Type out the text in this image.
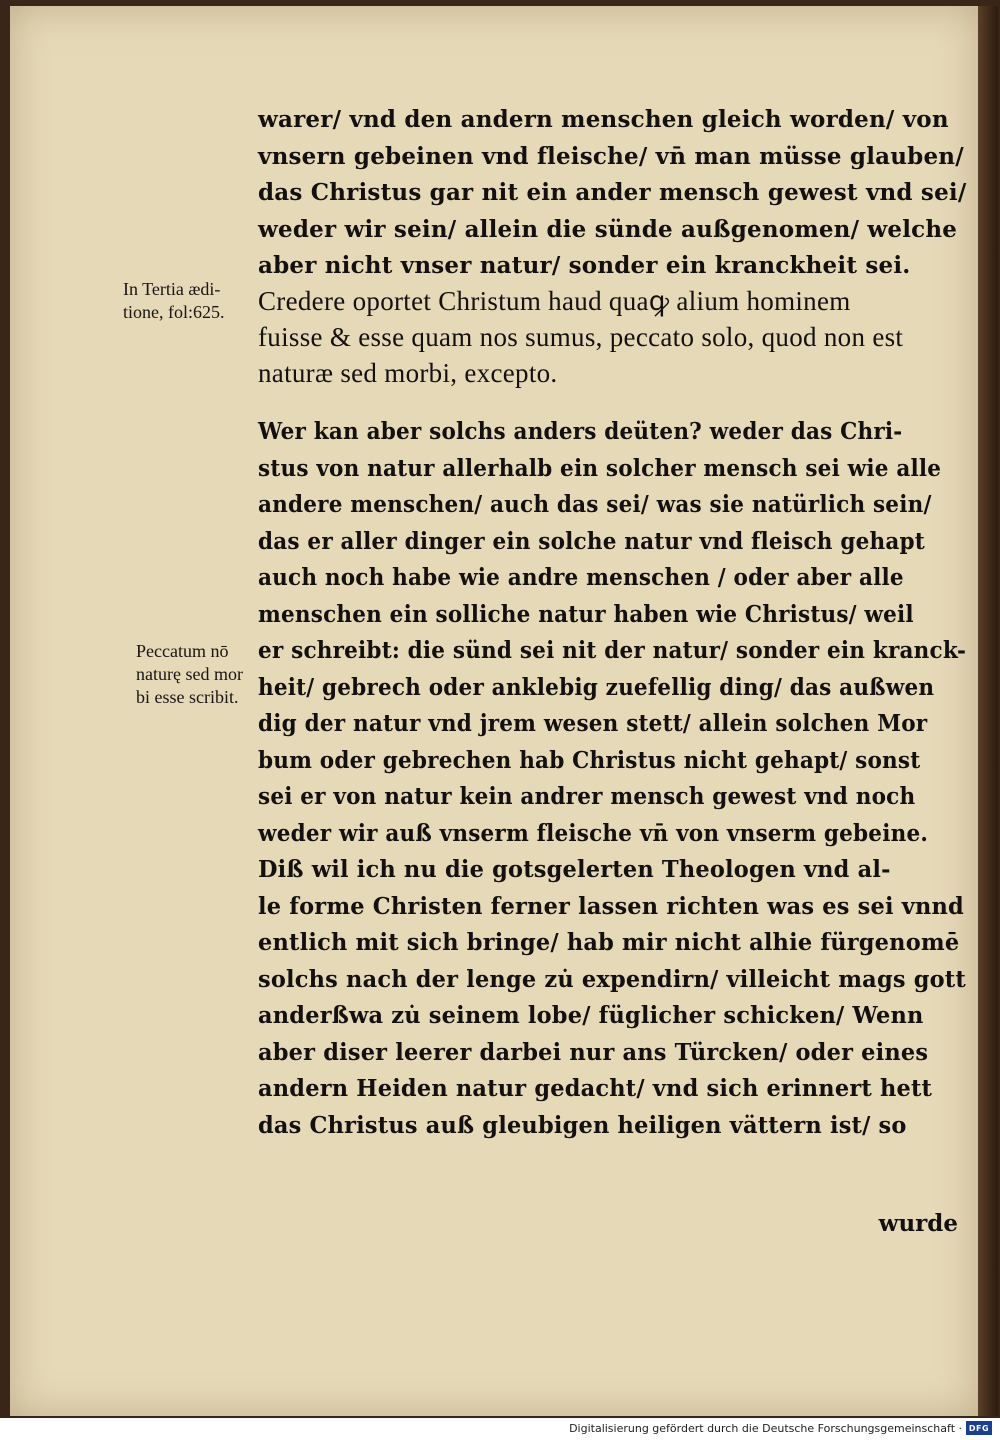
In Tertia ædi-
tione, fol:625.
Peccatum nō
naturę sed mor
bi esse scribit.
warer/ vnd den andern menschen gleich worden/ von
vnsern gebeinen vnd fleische/ vn̄ man müsse glauben/
das Christus gar nit ein ander mensch gewest vnd sei/
weder wir sein/ allein die sünde außgenomen/ welche
aber nicht vnser natur/ sonder ein kranckheit sei.
Credere oportet Christum haud quaꝙ alium hominem
fuisse & esse quam nos sumus, peccato solo, quod non est
naturæ sed morbi, excepto.
Wer kan aber solchs anders deüten? weder das Chri-
stus von natur allerhalb ein solcher mensch sei wie alle
andere menschen/ auch das sei/ was sie natürlich sein/
das er aller dinger ein solche natur vnd fleisch gehapt
auch noch habe wie andre menschen / oder aber alle
menschen ein solliche natur haben wie Christus/ weil
er schreibt: die sünd sei nit der natur/ sonder ein kranck-
heit/ gebrech oder anklebig zuefellig ding/ das außwen
dig der natur vnd jrem wesen stett/ allein solchen Mor
bum oder gebrechen hab Christus nicht gehapt/ sonst
sei er von natur kein andrer mensch gewest vnd noch
weder wir auß vnserm fleische vn̄ von vnserm gebeine.
Diß wil ich nu die gotsgelerten Theologen vnd al-
le forme Christen ferner lassen richten was es sei vnnd
entlich mit sich bringe/ hab mir nicht alhie fürgenomē
solchs nach der lenge zu̇ expendirn/ villeicht mags gott
anderßwa zu̇ seinem lobe/ füglicher schicken/ Wenn
aber diser leerer darbei nur ans Türcken/ oder eines
andern Heiden natur gedacht/ vnd sich erinnert hett
das Christus auß gleubigen heiligen vättern ist/ so
wurde
Digitalisierung gefördert durch die Deutsche Forschungsgemeinschaft · DFG
